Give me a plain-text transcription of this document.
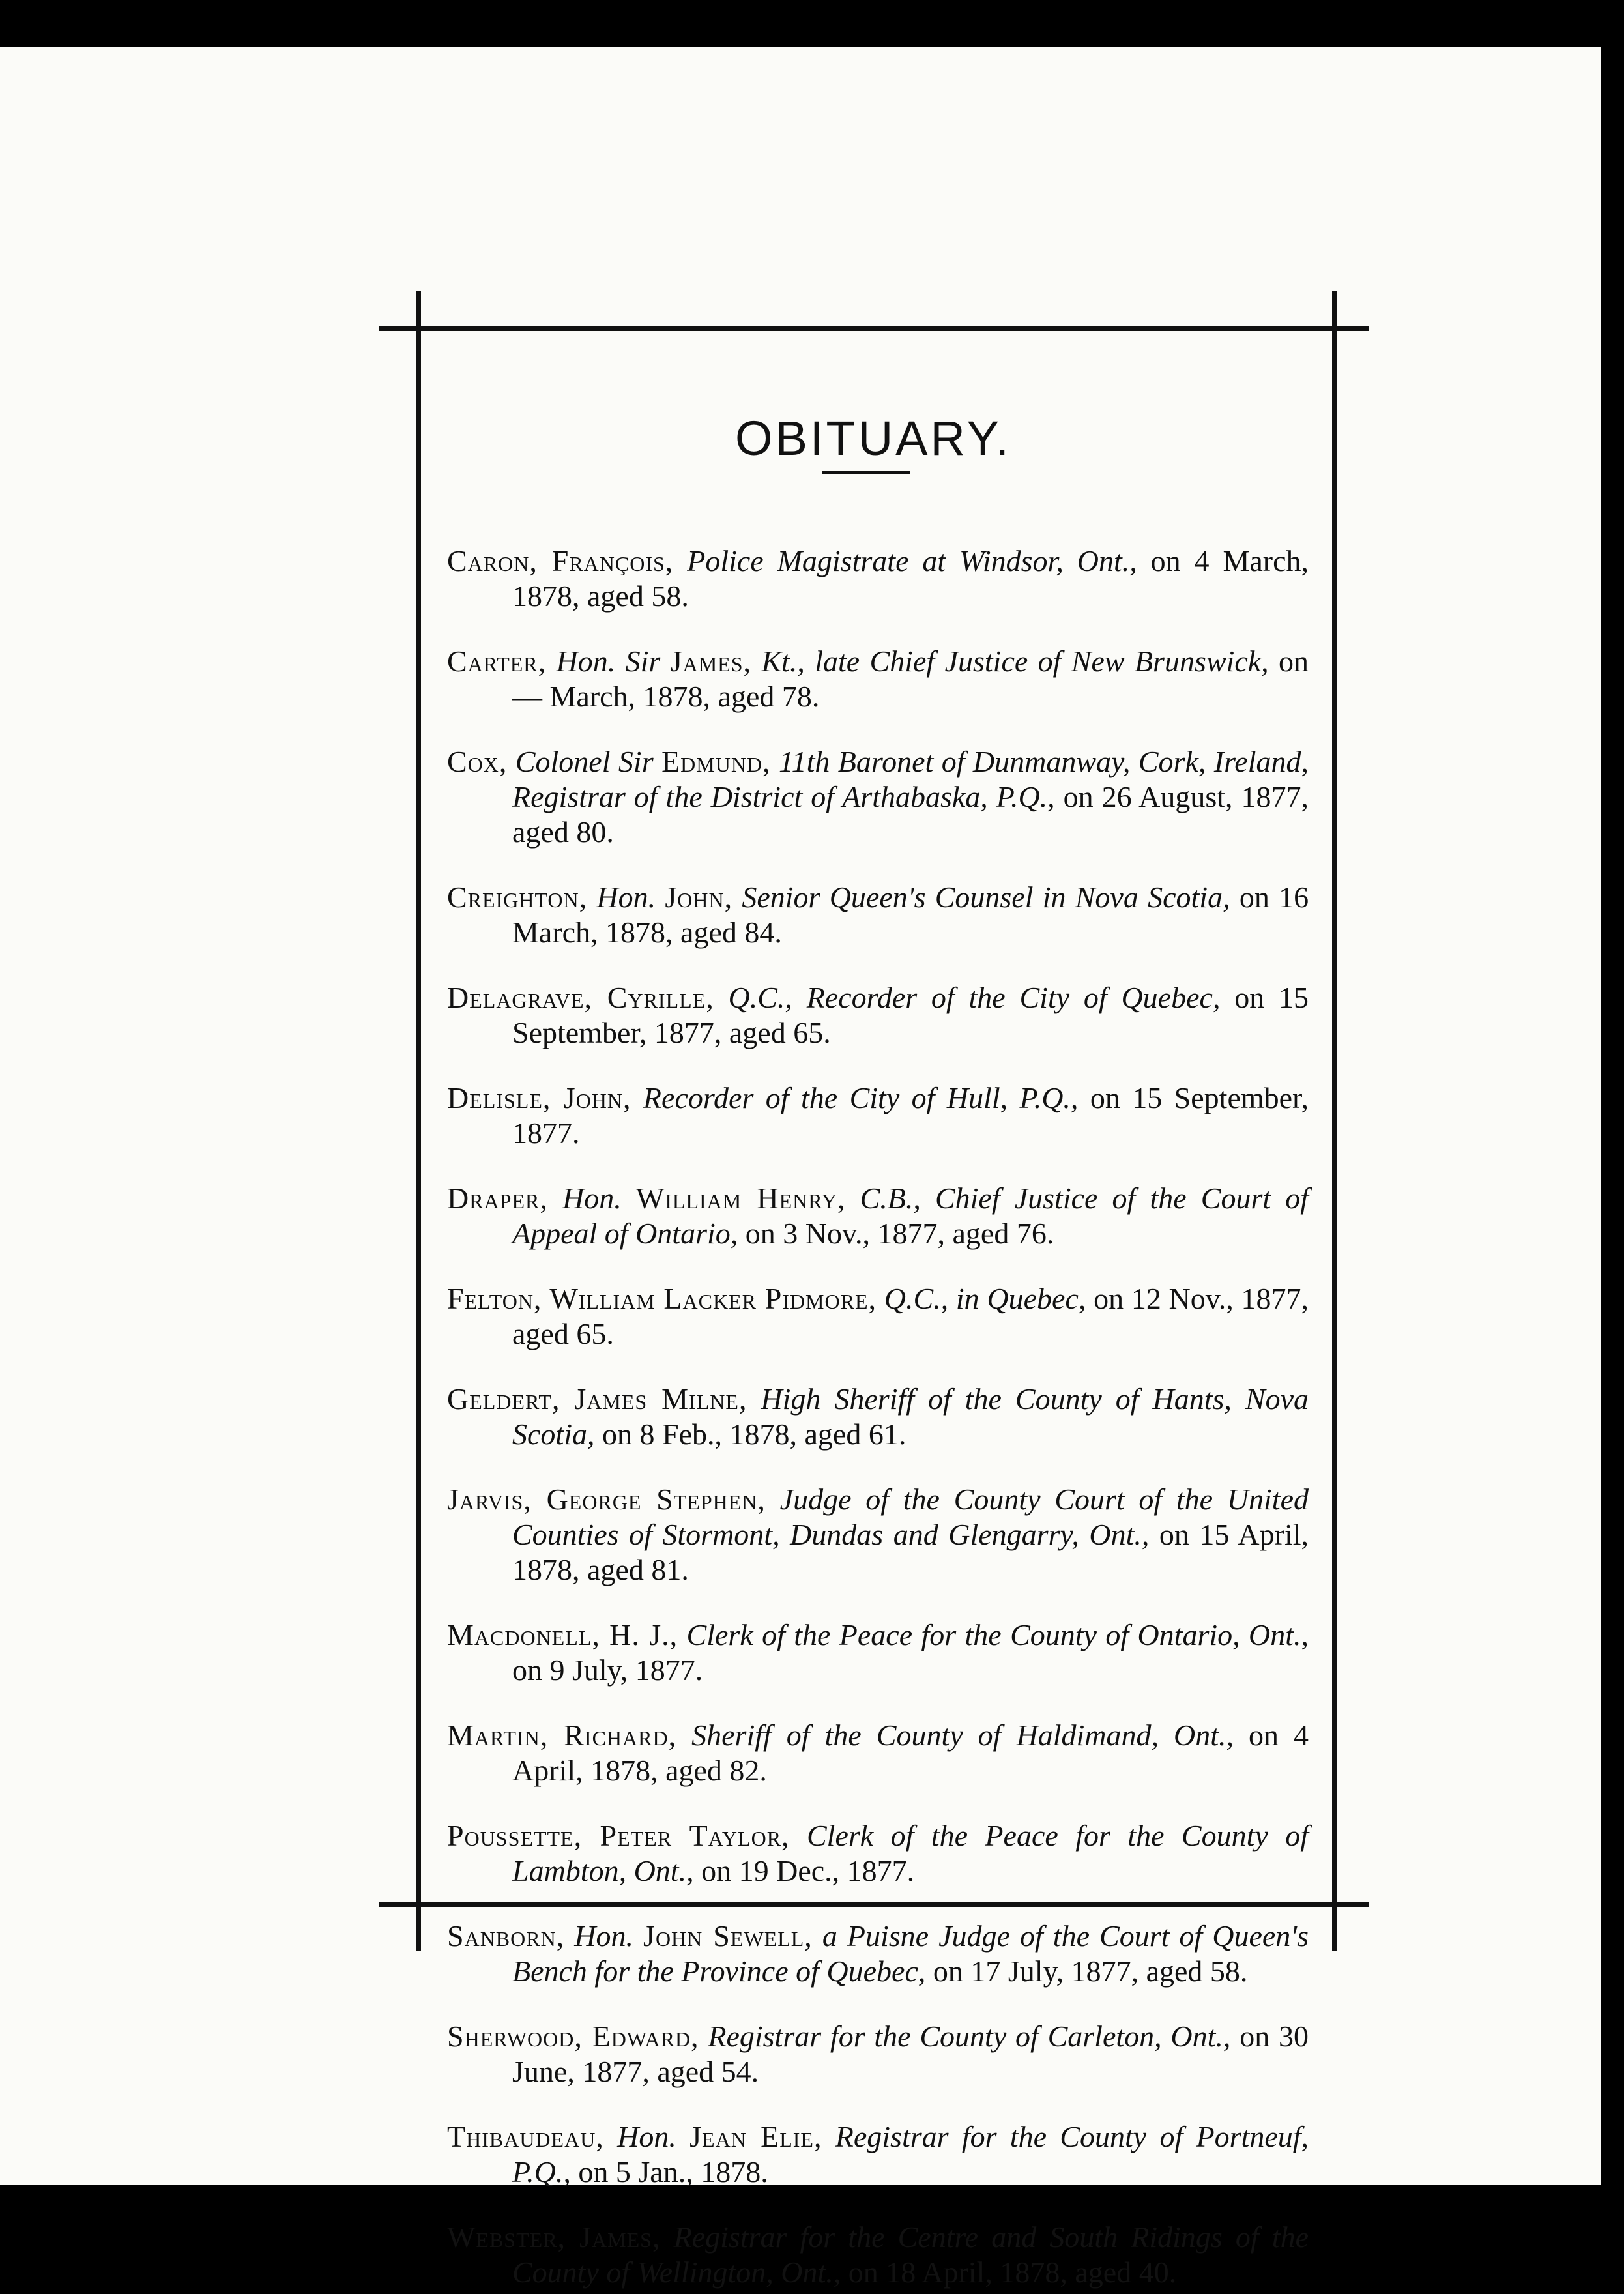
OBITUARY.

Caron, François, Police Magistrate at Windsor, Ont., on 4 March, 1878, aged 58.

Carter, Hon. Sir James, Kt., late Chief Justice of New Brunswick, on — March, 1878, aged 78.

Cox, Colonel Sir Edmund, 11th Baronet of Dunmanway, Cork, Ireland, Registrar of the District of Arthabaska, P.Q., on 26 August, 1877, aged 80.

Creighton, Hon. John, Senior Queen's Counsel in Nova Scotia, on 16 March, 1878, aged 84.

Delagrave, Cyrille, Q.C., Recorder of the City of Quebec, on 15 September, 1877, aged 65.

Delisle, John, Recorder of the City of Hull, P.Q., on 15 September, 1877.

Draper, Hon. William Henry, C.B., Chief Justice of the Court of Appeal of Ontario, on 3 Nov., 1877, aged 76.

Felton, William Lacker Pidmore, Q.C., in Quebec, on 12 Nov., 1877, aged 65.

Geldert, James Milne, High Sheriff of the County of Hants, Nova Scotia, on 8 Feb., 1878, aged 61.

Jarvis, George Stephen, Judge of the County Court of the United Counties of Stormont, Dundas and Glengarry, Ont., on 15 April, 1878, aged 81.

Macdonell, H. J., Clerk of the Peace for the County of Ontario, Ont., on 9 July, 1877.

Martin, Richard, Sheriff of the County of Haldimand, Ont., on 4 April, 1878, aged 82.

Poussette, Peter Taylor, Clerk of the Peace for the County of Lambton, Ont., on 19 Dec., 1877.

Sanborn, Hon. John Sewell, a Puisne Judge of the Court of Queen's Bench for the Province of Quebec, on 17 July, 1877, aged 58.

Sherwood, Edward, Registrar for the County of Carleton, Ont., on 30 June, 1877, aged 54.

Thibaudeau, Hon. Jean Elie, Registrar for the County of Portneuf, P.Q., on 5 Jan., 1878.

Webster, James, Registrar for the Centre and South Ridings of the County of Wellington, Ont., on 18 April, 1878, aged 40.
